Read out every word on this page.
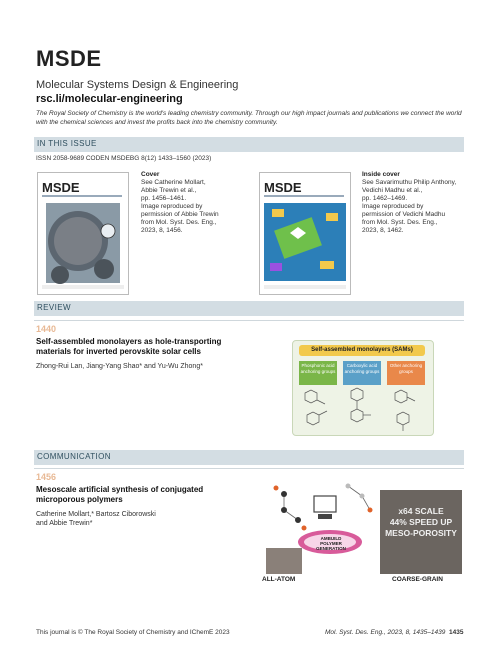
MSDE
Molecular Systems Design & Engineering
rsc.li/molecular-engineering
The Royal Society of Chemistry is the world's leading chemistry community. Through our high impact journals and publications we connect the world with the chemical sciences and invest the profits back into the chemistry community.
IN THIS ISSUE
ISSN 2058-9689 CODEN MSDEBG 8(12) 1433–1560 (2023)
MSDE
Cover
See Catherine Mollart,
Abbie Trewin et al.,
pp. 1456–1461.
Image reproduced by
permission of Abbie Trewin
from Mol. Syst. Des. Eng.,
2023, 8, 1456.
MSDE
Inside cover
See Savarimuthu Philip Anthony,
Vedichi Madhu et al.,
pp. 1462–1469.
Image reproduced by
permission of Vedichi Madhu
from Mol. Syst. Des. Eng.,
2023, 8, 1462.
REVIEW
1440
Self-assembled monolayers as hole-transporting
materials for inverted perovskite solar cells
Zhong-Rui Lan, Jiang-Yang Shao* and Yu-Wu Zhong*
Self-assembled monolayers (SAMs)
Phosphonic acid anchoring groups
Carboxylic acid anchoring groups
Other anchoring groups
COMMUNICATION
1456
Mesoscale artificial synthesis of conjugated
microporous polymers
Catherine Mollart,* Bartosz Ciborowski
and Abbie Trewin*
AMBUILD POLYMER GENERATION
x64 SCALE
44% SPEED UP
MESO-POROSITY
ALL-ATOM	COARSE-GRAIN
This journal is © The Royal Society of Chemistry and IChemE 2023	Mol. Syst. Des. Eng., 2023, 8, 1435–1439 1435
